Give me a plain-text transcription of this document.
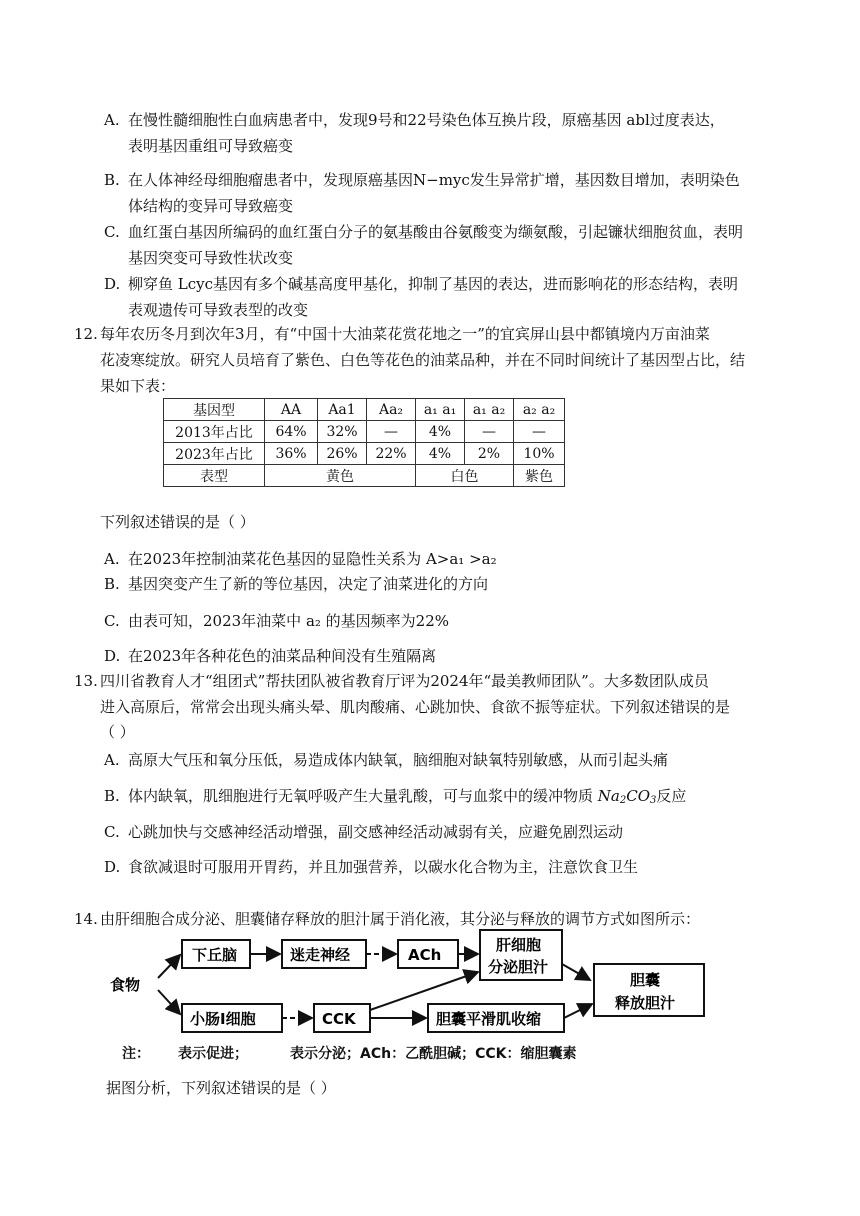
A. 在慢性髓细胞性白血病患者中，发现9号和22号染色体互换片段，原癌基因 abl过度表达，
表明基因重组可导致癌变
B. 在人体神经母细胞瘤患者中，发现原癌基因N−myc发生异常扩增，基因数目增加，表明染色
体结构的变异可导致癌变
C. 血红蛋白基因所编码的血红蛋白分子的氨基酸由谷氨酸变为缬氨酸，引起镰状细胞贫血，表明
基因突变可导致性状改变
D. 柳穿鱼 Lcyc基因有多个碱基高度甲基化，抑制了基因的表达，进而影响花的形态结构，表明
表观遗传可导致表型的改变
12. 每年农历冬月到次年3月，有“中国十大油菜花赏花地之一”的宜宾屏山县中都镇境内万亩油菜
花凌寒绽放。研究人员培育了紫色、白色等花色的油菜品种，并在不同时间统计了基因型占比，结
果如下表：
基因型	AA	Aa1	Aa₂	a₁ a₁	a₁ a₂	a₂ a₂
2013年占比	64%	32%	—	4%	—	—
2023年占比	36%	26%	22%	4%	2%	10%
表型	黄色			白色		紫色
下列叙述错误的是（ ）
A. 在2023年控制油菜花色基因的显隐性关系为 A>a₁ >a₂
B. 基因突变产生了新的等位基因，决定了油菜进化的方向
C. 由表可知，2023年油菜中 a₂ 的基因频率为22%
D. 在2023年各种花色的油菜品种间没有生殖隔离
13. 四川省教育人才“组团式”帮扶团队被省教育厅评为2024年“最美教师团队”。大多数团队成员
进入高原后，常常会出现头痛头晕、肌肉酸痛、心跳加快、食欲不振等症状。下列叙述错误的是
（ ）
A. 高原大气压和氧分压低，易造成体内缺氧，脑细胞对缺氧特别敏感，从而引起头痛
B. 体内缺氧，肌细胞进行无氧呼吸产生大量乳酸，可与血浆中的缓冲物质 $Na_2CO_3$反应
C. 心跳加快与交感神经活动增强，副交感神经活动减弱有关，应避免剧烈运动
D. 食欲减退时可服用开胃药，并且加强营养，以碳水化合物为主，注意饮食卫生
14. 由肝细胞合成分泌、胆囊储存释放的胆汁属于消化液，其分泌与释放的调节方式如图所示：
食物
下丘脑	迷走神经	ACh
肝细胞
分泌胆汁
胆囊
释放胆汁
小肠Ⅰ细胞	CCK	胆囊平滑肌收缩
注： 表示促进；	表示分泌；ACh：乙酰胆碱；CCK：缩胆囊素
据图分析，下列叙述错误的是（ ）
